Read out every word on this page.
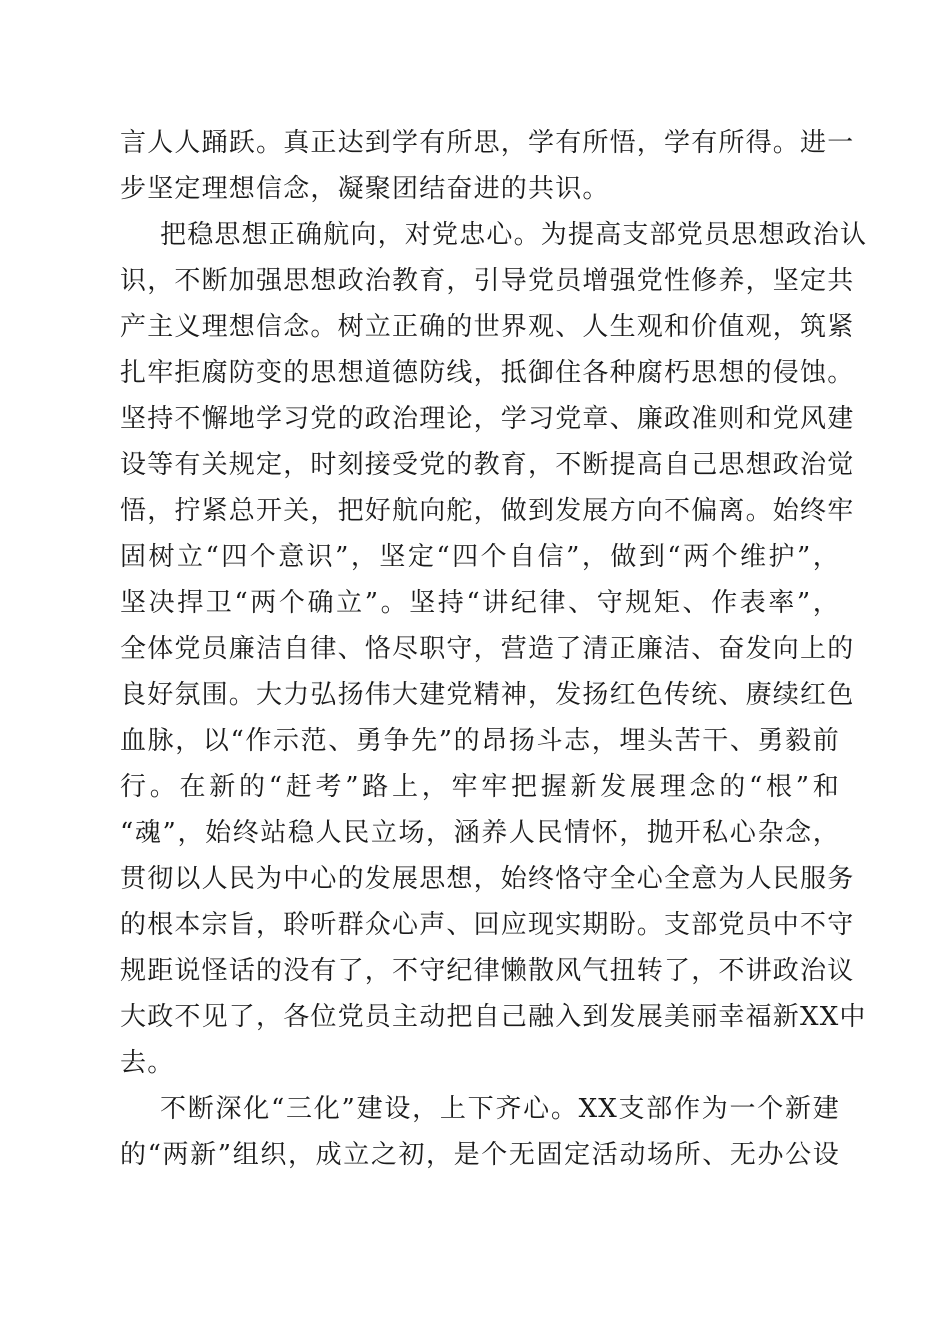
言人人踊跃。真正达到学有所思，学有所悟，学有所得。进一
步坚定理想信念，凝聚团结奋进的共识。
把稳思想正确航向，对党忠心。为提高支部党员思想政治认
识，不断加强思想政治教育，引导党员增强党性修养，坚定共
产主义理想信念。树立正确的世界观、人生观和价值观，筑紧
扎牢拒腐防变的思想道德防线，抵御住各种腐朽思想的侵蚀。
坚持不懈地学习党的政治理论，学习党章、廉政准则和党风建
设等有关规定，时刻接受党的教育，不断提高自己思想政治觉
悟，拧紧总开关，把好航向舵，做到发展方向不偏离。始终牢
固树立“四个意识”，坚定“四个自信”，做到“两个维护”，
坚决捍卫“两个确立”。坚持“讲纪律、守规矩、作表率”，
全体党员廉洁自律、恪尽职守，营造了清正廉洁、奋发向上的
良好氛围。大力弘扬伟大建党精神，发扬红色传统、赓续红色
血脉，以“作示范、勇争先”的昂扬斗志，埋头苦干、勇毅前
行。在新的“赶考”路上，牢牢把握新发展理念的“根”和
“魂”，始终站稳人民立场，涵养人民情怀，抛开私心杂念，
贯彻以人民为中心的发展思想，始终恪守全心全意为人民服务
的根本宗旨，聆听群众心声、回应现实期盼。支部党员中不守
规距说怪话的没有了，不守纪律懒散风气扭转了，不讲政治议
大政不见了，各位党员主动把自己融入到发展美丽幸福新XX中
去。
不断深化“三化”建设，上下齐心。XX支部作为一个新建
的“两新”组织，成立之初，是个无固定活动场所、无办公设
